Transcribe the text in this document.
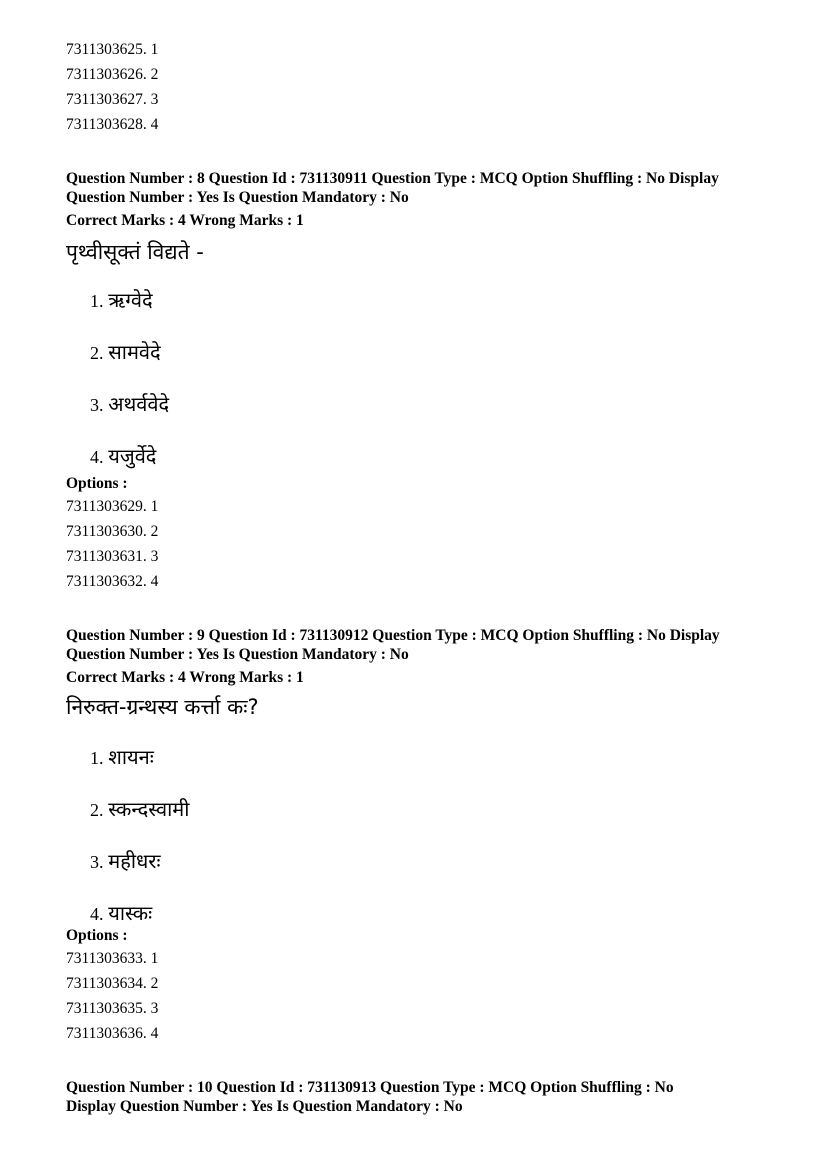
7311303625. 1
7311303626. 2
7311303627. 3
7311303628. 4
Question Number : 8 Question Id : 731130911 Question Type : MCQ Option Shuffling : No Display
Question Number : Yes Is Question Mandatory : No
Correct Marks : 4 Wrong Marks : 1
पृथ्वीसूक्तं विद्यते -
1. ऋग्वेदे
2. सामवेदे
3. अथर्ववेदे
4. यजुर्वेदे
Options :
7311303629. 1
7311303630. 2
7311303631. 3
7311303632. 4
Question Number : 9 Question Id : 731130912 Question Type : MCQ Option Shuffling : No Display
Question Number : Yes Is Question Mandatory : No
Correct Marks : 4 Wrong Marks : 1
निरुक्त-ग्रन्थस्य कर्त्ता कः?
1. शायनः
2. स्कन्दस्वामी
3. महीधरः
4. यास्कः
Options :
7311303633. 1
7311303634. 2
7311303635. 3
7311303636. 4
Question Number : 10 Question Id : 731130913 Question Type : MCQ Option Shuffling : No
Display Question Number : Yes Is Question Mandatory : No
